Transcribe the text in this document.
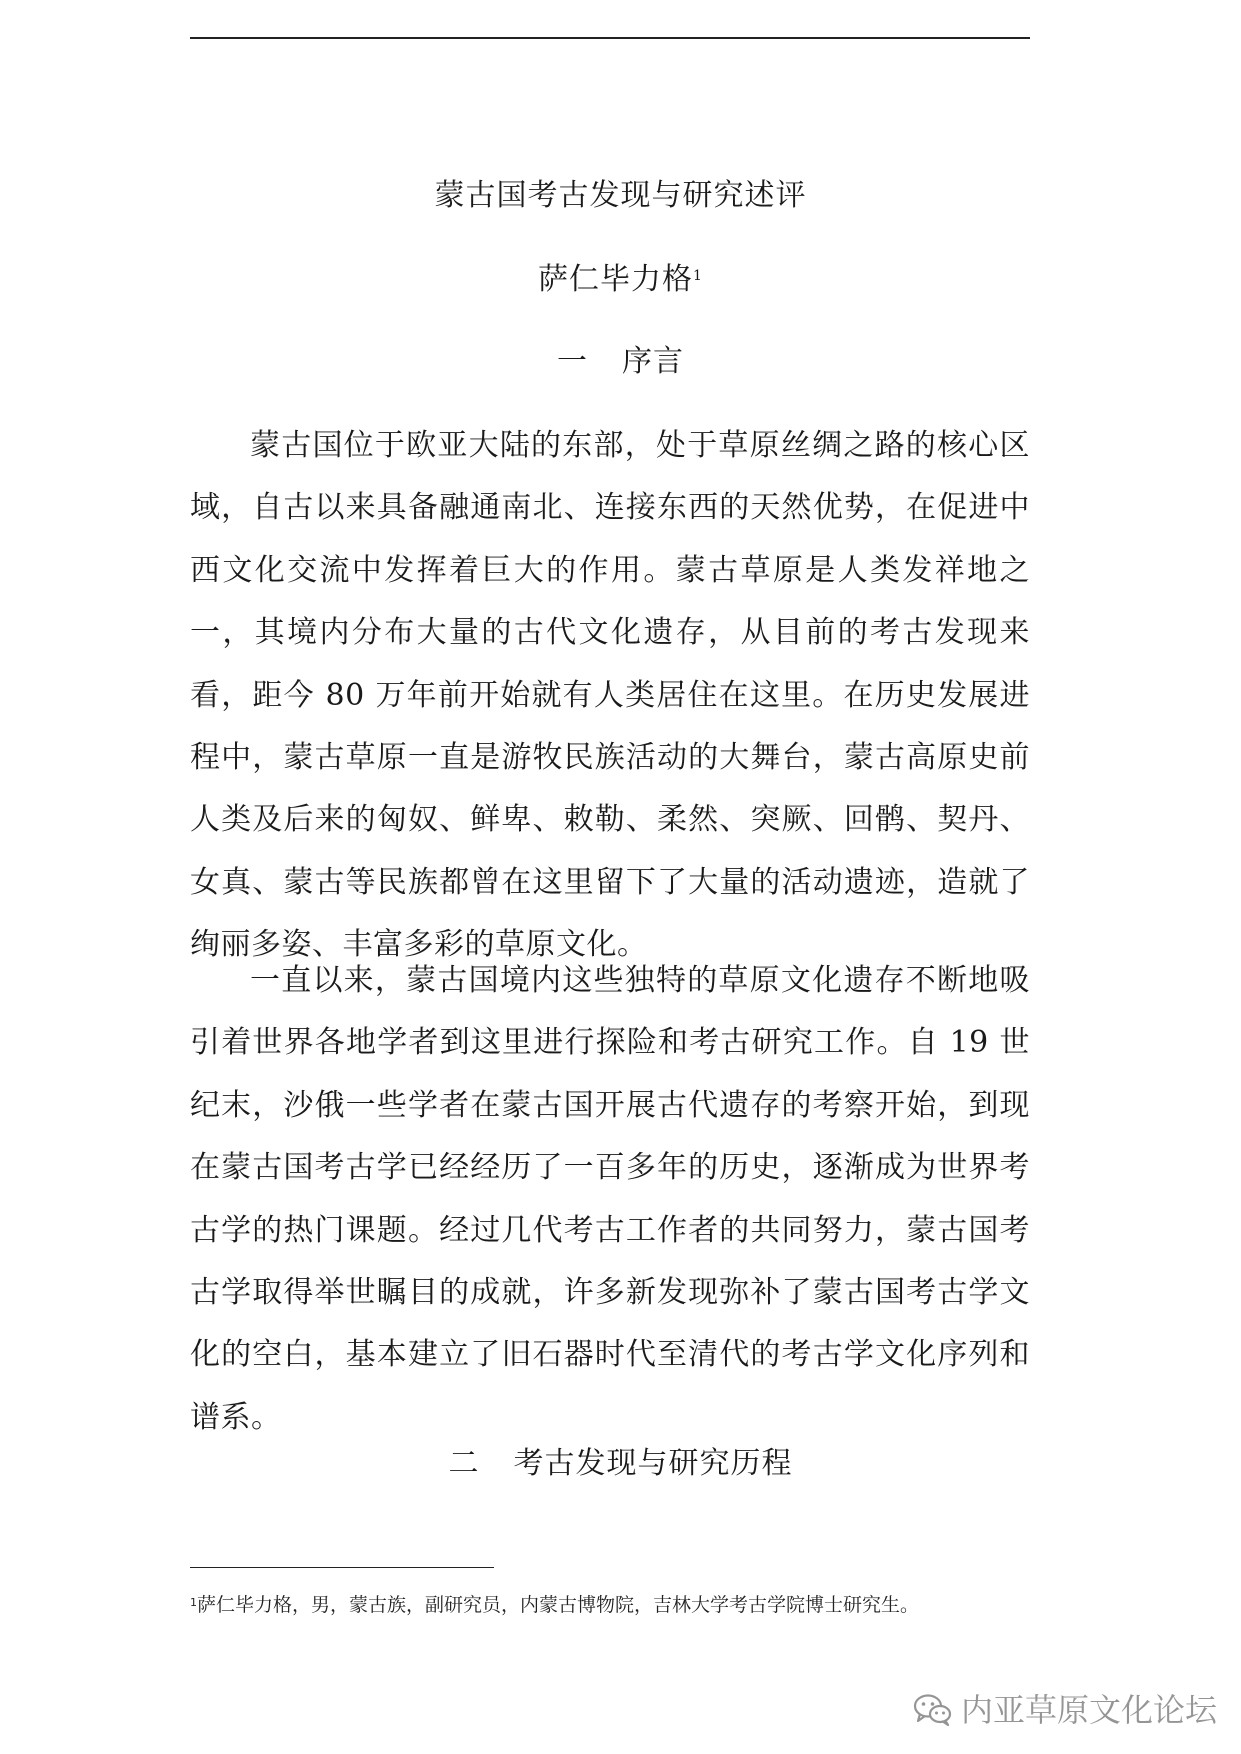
蒙古国考古发现与研究述评
萨仁毕力格$^1$
一 序言
蒙古国位于欧亚大陆的东部，处于草原丝绸之路的核心区域，自古以来具备融通南北、连接东西的天然优势，在促进中西文化交流中发挥着巨大的作用。蒙古草原是人类发祥地之一，其境内分布大量的古代文化遗存，从目前的考古发现来看，距今 80 万年前开始就有人类居住在这里。在历史发展进程中，蒙古草原一直是游牧民族活动的大舞台，蒙古高原史前人类及后来的匈奴、鲜卑、敕勒、柔然、突厥、回鹘、契丹、女真、蒙古等民族都曾在这里留下了大量的活动遗迹，造就了绚丽多姿、丰富多彩的草原文化。
一直以来，蒙古国境内这些独特的草原文化遗存不断地吸引着世界各地学者到这里进行探险和考古研究工作。自 19 世纪末，沙俄一些学者在蒙古国开展古代遗存的考察开始，到现在蒙古国考古学已经经历了一百多年的历史，逐渐成为世界考古学的热门课题。经过几代考古工作者的共同努力，蒙古国考古学取得举世瞩目的成就，许多新发现弥补了蒙古国考古学文化的空白，基本建立了旧石器时代至清代的考古学文化序列和谱系。
二 考古发现与研究历程
$^1$萨仁毕力格，男，蒙古族，副研究员，内蒙古博物院，吉林大学考古学院博士研究生。
内亚草原文化论坛
